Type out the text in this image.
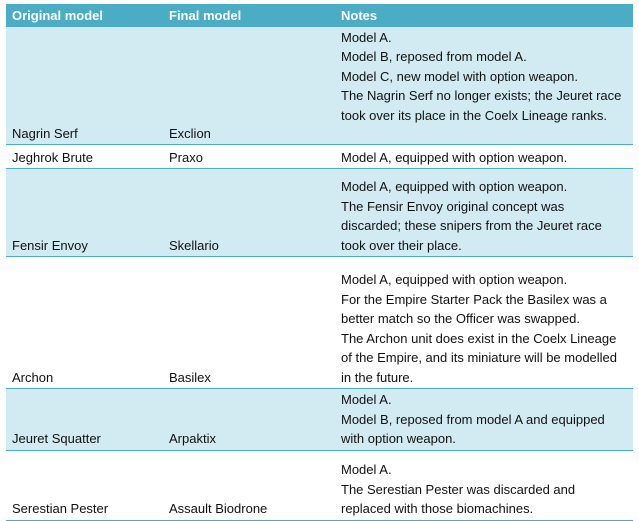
Original model	Final model	Notes
Nagrin Serf	Exclion	Model A.
Model B, reposed from model A.
Model C, new model with option weapon.
The Nagrin Serf no longer exists; the Jeuret race took over its place in the Coelx Lineage ranks.

Jeghrok Brute	Praxo	Model A, equipped with option weapon.

Fensir Envoy	Skellario	Model A, equipped with option weapon.
The Fensir Envoy original concept was discarded; these snipers from the Jeuret race took over their place.

Archon	Basilex	Model A, equipped with option weapon.
For the Empire Starter Pack the Basilex was a better match so the Officer was swapped.
The Archon unit does exist in the Coelx Lineage of the Empire, and its miniature will be modelled in the future.

Jeuret Squatter	Arpaktix	Model A.
Model B, reposed from model A and equipped with option weapon.

Serestian Pester	Assault Biodrone	Model A.
The Serestian Pester was discarded and replaced with those biomachines.
